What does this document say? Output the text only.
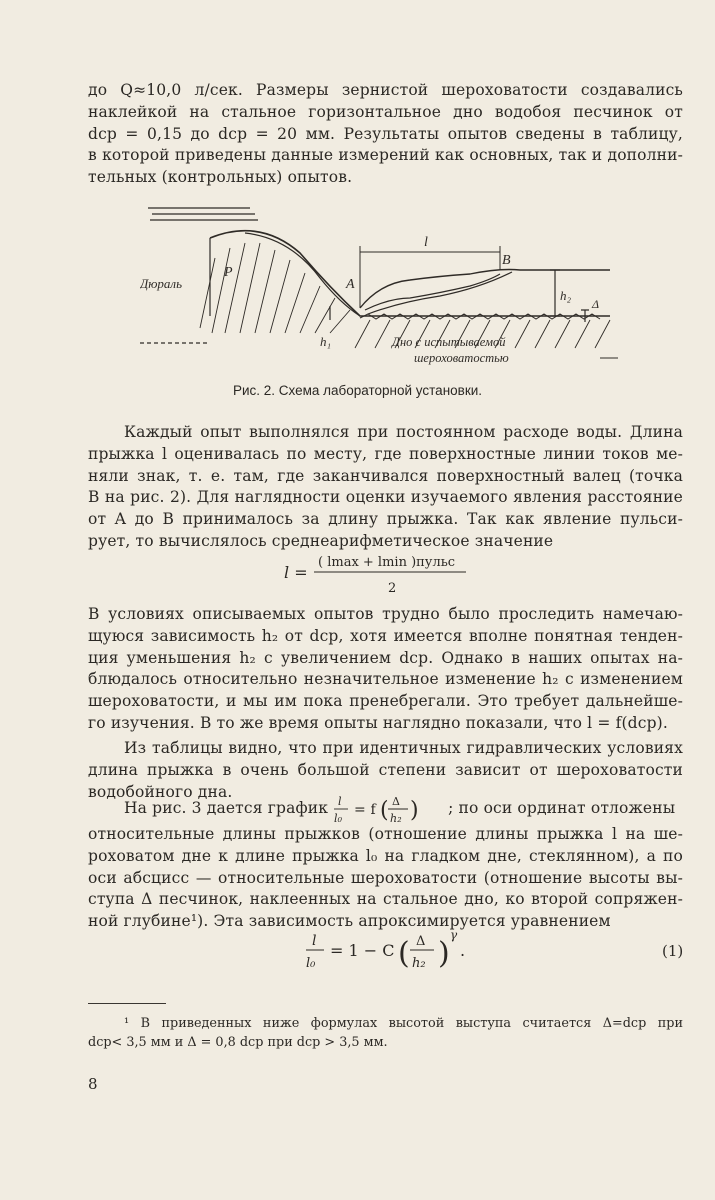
до Q≈10,0 л/сек. Размеры зернистой шероховатости создавались
наклейкой на стальное горизонтальное дно водобоя песчинок от
dср = 0,15 до dср = 20 мм. Результаты опытов сведены в таблицу,
в которой приведены данные измерений как основных, так и дополни-
тельных (контрольных) опытов.
Дюраль
P
A
B
l
h₁
h₂
Δ
Дно с испытываемой
шероховатостью
Рис. 2. Схема лабораторной установки.
Каждый опыт выполнялся при постоянном расходе воды. Длина
прыжка l оценивалась по месту, где поверхностные линии токов ме-
няли знак, т. е. там, где заканчивался поверхностный валец (точка
B на рис. 2). Для наглядности оценки изучаемого явления расстояние
от A до B принималось за длину прыжка. Так как явление пульси-
рует, то вычислялось среднеарифметическое значение
l =
( lmax + lmin )пульс
2
В условиях описываемых опытов трудно было проследить намечаю-
щуюся зависимость h₂ от dср, хотя имеется вполне понятная тенден-
ция уменьшения h₂ с увеличением dср. Однако в наших опытах на-
блюдалось относительно незначительное изменение h₂ с изменением
шероховатости, и мы им пока пренебрегали. Это требует дальнейше-
го изучения. В то же время опыты наглядно показали, что l = f(dср).
Из таблицы видно, что при идентичных гидравлических условиях
длина прыжка в очень большой степени зависит от шероховатости
водобойного дна.
На рис. 3 дается график l
l₀
= f ( Δ
h₂ ) ; по оси ординат отложены
относительные длины прыжков (отношение длины прыжка l на ше-
роховатом дне к длине прыжка l₀ на гладком дне, стеклянном), а по
оси абсцисс — относительные шероховатости (отношение высоты вы-
ступа Δ песчинок, наклеенных на стальное дно, ко второй сопряжен-
ной глубине¹). Эта зависимость апроксимируется уравнением
l
l₀
= 1 − C ( Δ
h₂ )
γ
.	(1)
¹ В приведенных ниже формулах высотой выступа считается Δ=dср при
dср< 3,5 мм и Δ = 0,8 dср при dср > 3,5 мм.
8
